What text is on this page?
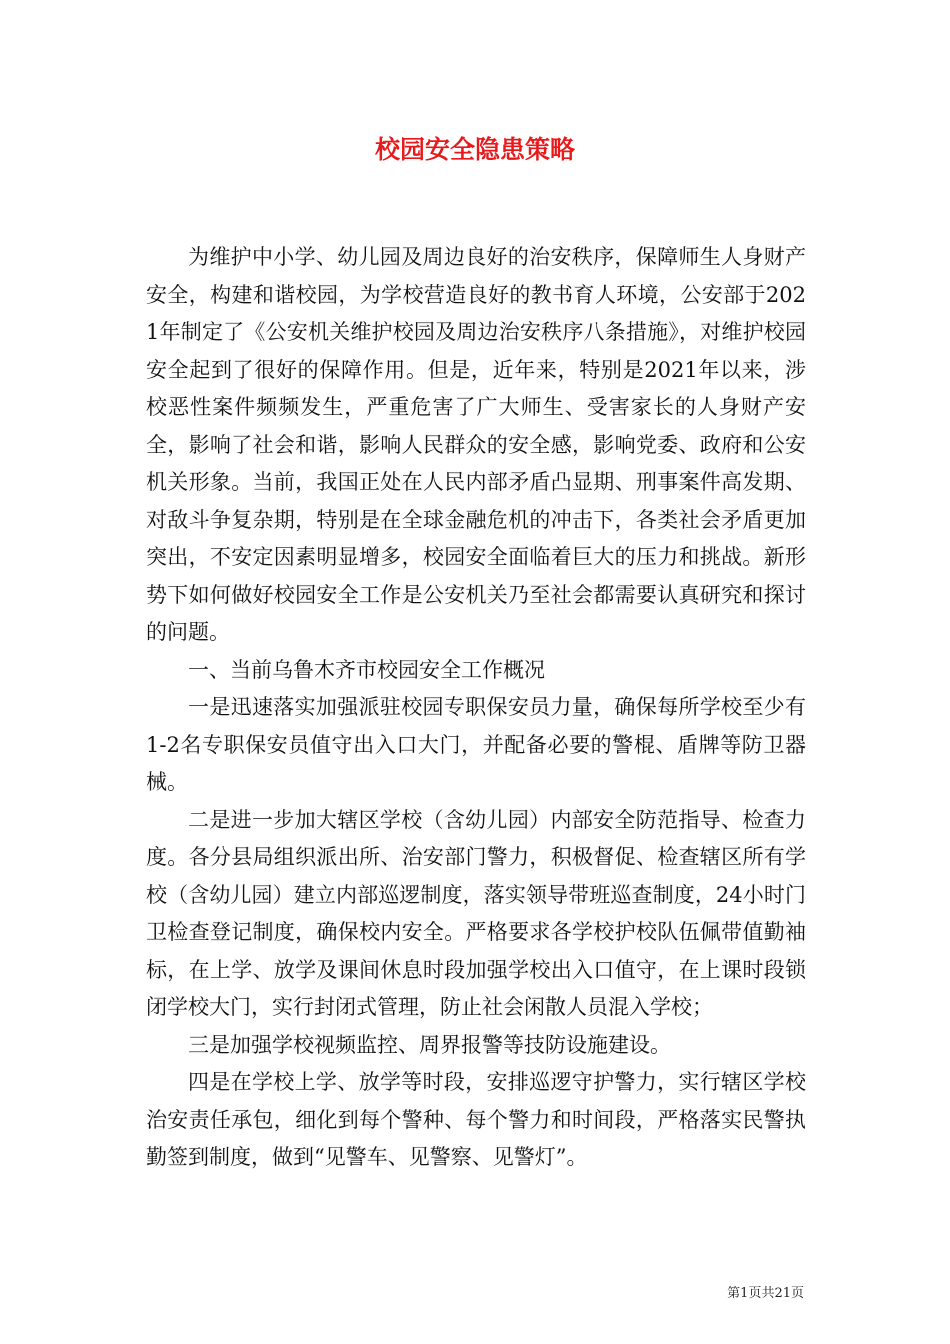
校园安全隐患策略

为维护中小学、幼儿园及周边良好的治安秩序，保障师生人身财产安全，构建和谐校园，为学校营造良好的教书育人环境，公安部于2021年制定了《公安机关维护校园及周边治安秩序八条措施》，对维护校园安全起到了很好的保障作用。但是，近年来，特别是2021年以来，涉校恶性案件频频发生，严重危害了广大师生、受害家长的人身财产安全，影响了社会和谐，影响人民群众的安全感，影响党委、政府和公安机关形象。当前，我国正处在人民内部矛盾凸显期、刑事案件高发期、对敌斗争复杂期，特别是在全球金融危机的冲击下，各类社会矛盾更加突出，不安定因素明显增多，校园安全面临着巨大的压力和挑战。新形势下如何做好校园安全工作是公安机关乃至社会都需要认真研究和探讨的问题。

一、当前乌鲁木齐市校园安全工作概况

一是迅速落实加强派驻校园专职保安员力量，确保每所学校至少有1-2名专职保安员值守出入口大门，并配备必要的警棍、盾牌等防卫器械。

二是进一步加大辖区学校（含幼儿园）内部安全防范指导、检查力度。各分县局组织派出所、治安部门警力，积极督促、检查辖区所有学校（含幼儿园）建立内部巡逻制度，落实领导带班巡查制度，24小时门卫检查登记制度，确保校内安全。严格要求各学校护校队伍佩带值勤袖标，在上学、放学及课间休息时段加强学校出入口值守，在上课时段锁闭学校大门，实行封闭式管理，防止社会闲散人员混入学校；

三是加强学校视频监控、周界报警等技防设施建设。

四是在学校上学、放学等时段，安排巡逻守护警力，实行辖区学校治安责任承包，细化到每个警种、每个警力和时间段，严格落实民警执勤签到制度，做到“见警车、见警察、见警灯”。

第1页共21页
